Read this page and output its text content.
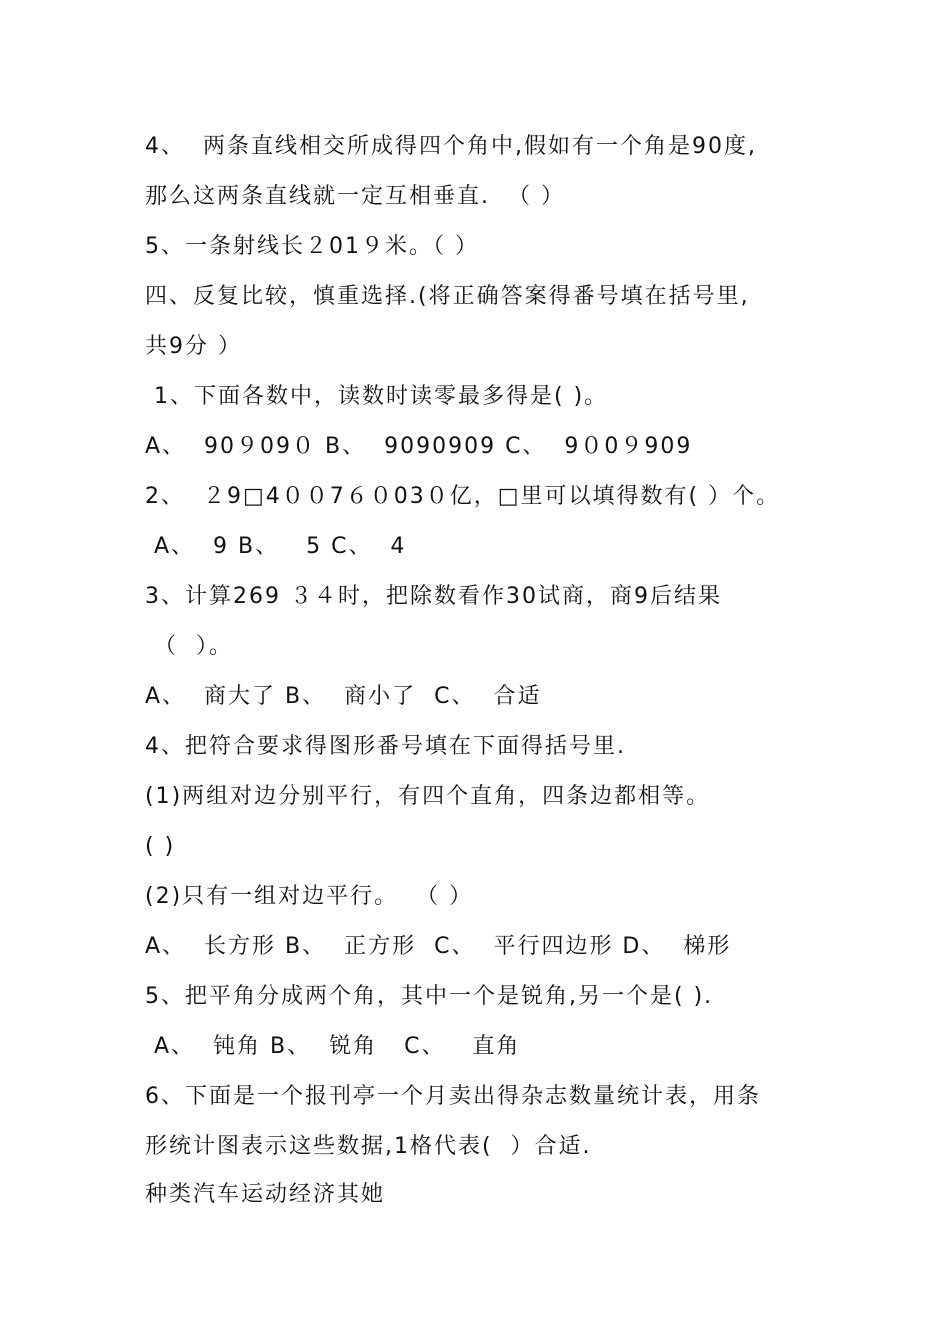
4、  两条直线相交所成得四个角中,假如有一个角是90度,
那么这两条直线就一定互相垂直.  （ ）
5、一条射线长２01９米。（ ）
四、反复比较，慎重选择.(将正确答案得番号填在括号里,
共9分 ）
1、下面各数中，读数时读零最多得是( )。
A、  90９09０ B、  9090909 C、  9０0９909
2、  ２9□4００7６０03０亿，□里可以填得数有( ）个。
A、  9 B、   5 C、  4
3、计算269 ３４时，把除数看作30试商，商9后结果
（  ）。
A、  商大了 B、  商小了  C、  合适
4、把符合要求得图形番号填在下面得括号里.
(1)两组对边分别平行，有四个直角，四条边都相等。
( )
(2)只有一组对边平行。  （ ）
A、  长方形 B、  正方形  C、  平行四边形 D、  梯形
5、把平角分成两个角，其中一个是锐角,另一个是( ).
A、  钝角 B、  锐角   C、   直角
6、下面是一个报刊亭一个月卖出得杂志数量统计表，用条
形统计图表示这些数据,1格代表(  ）合适.
种类汽车运动经济其她
